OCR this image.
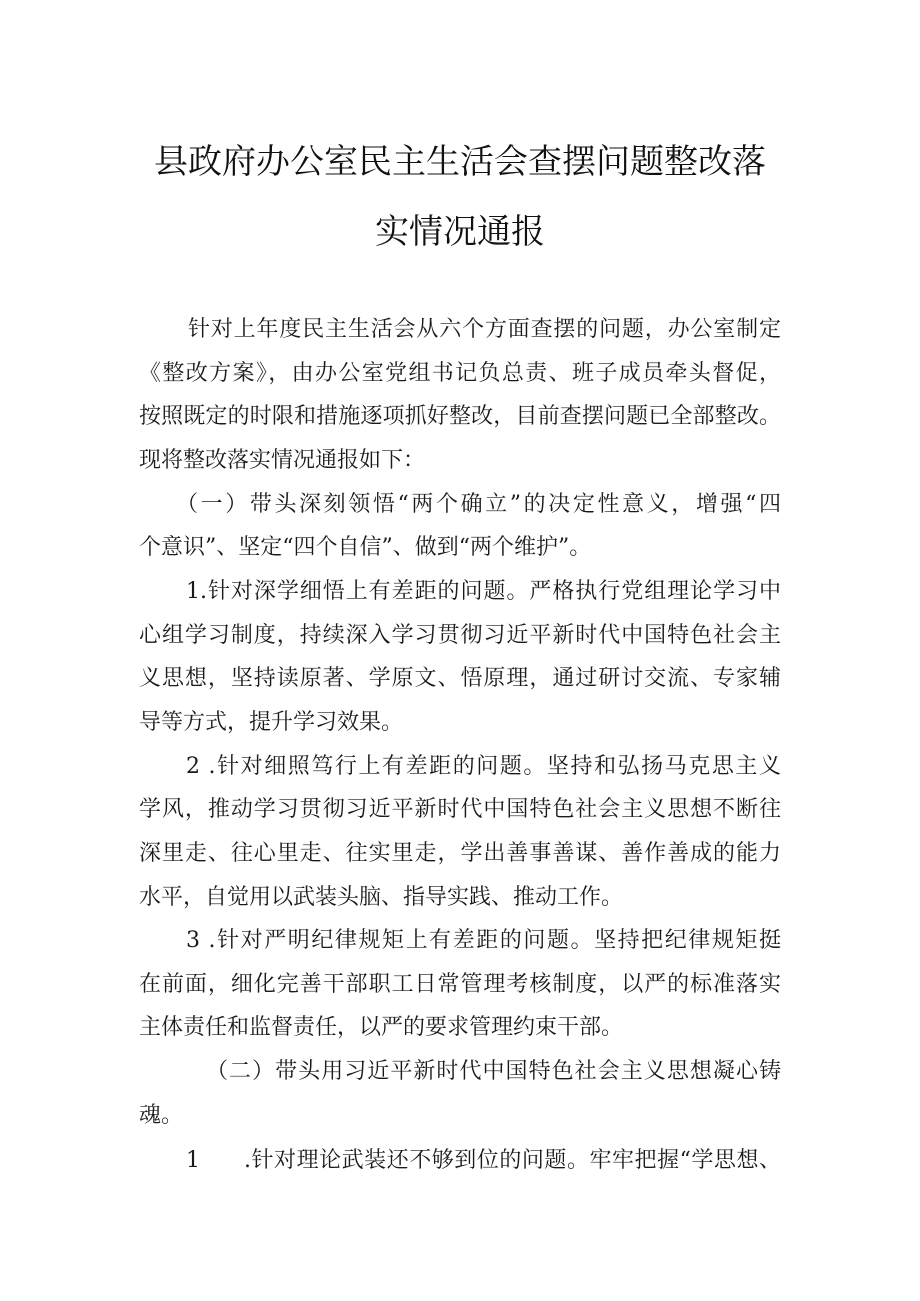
县政府办公室民主生活会查摆问题整改落
实情况通报
针对上年度民主生活会从六个方面查摆的问题，办公室制定
《整改方案》，由办公室党组书记负总责、班子成员牵头督促，
按照既定的时限和措施逐项抓好整改，目前查摆问题已全部整改。
现将整改落实情况通报如下：
（一）带头深刻领悟“两个确立”的决定性意义，增强“四
个意识”、坚定“四个自信”、做到“两个维护”。
1.针对深学细悟上有差距的问题。严格执行党组理论学习中
心组学习制度，持续深入学习贯彻习近平新时代中国特色社会主
义思想，坚持读原著、学原文、悟原理，通过研讨交流、专家辅
导等方式，提升学习效果。
2 .针对细照笃行上有差距的问题。坚持和弘扬马克思主义
学风，推动学习贯彻习近平新时代中国特色社会主义思想不断往
深里走、往心里走、往实里走，学出善事善谋、善作善成的能力
水平，自觉用以武装头脑、指导实践、推动工作。
3 .针对严明纪律规矩上有差距的问题。坚持把纪律规矩挺
在前面，细化完善干部职工日常管理考核制度，以严的标准落实
主体责任和监督责任，以严的要求管理约束干部。
（二）带头用习近平新时代中国特色社会主义思想凝心铸
魂。
1 .针对理论武装还不够到位的问题。牢牢把握“学思想、
